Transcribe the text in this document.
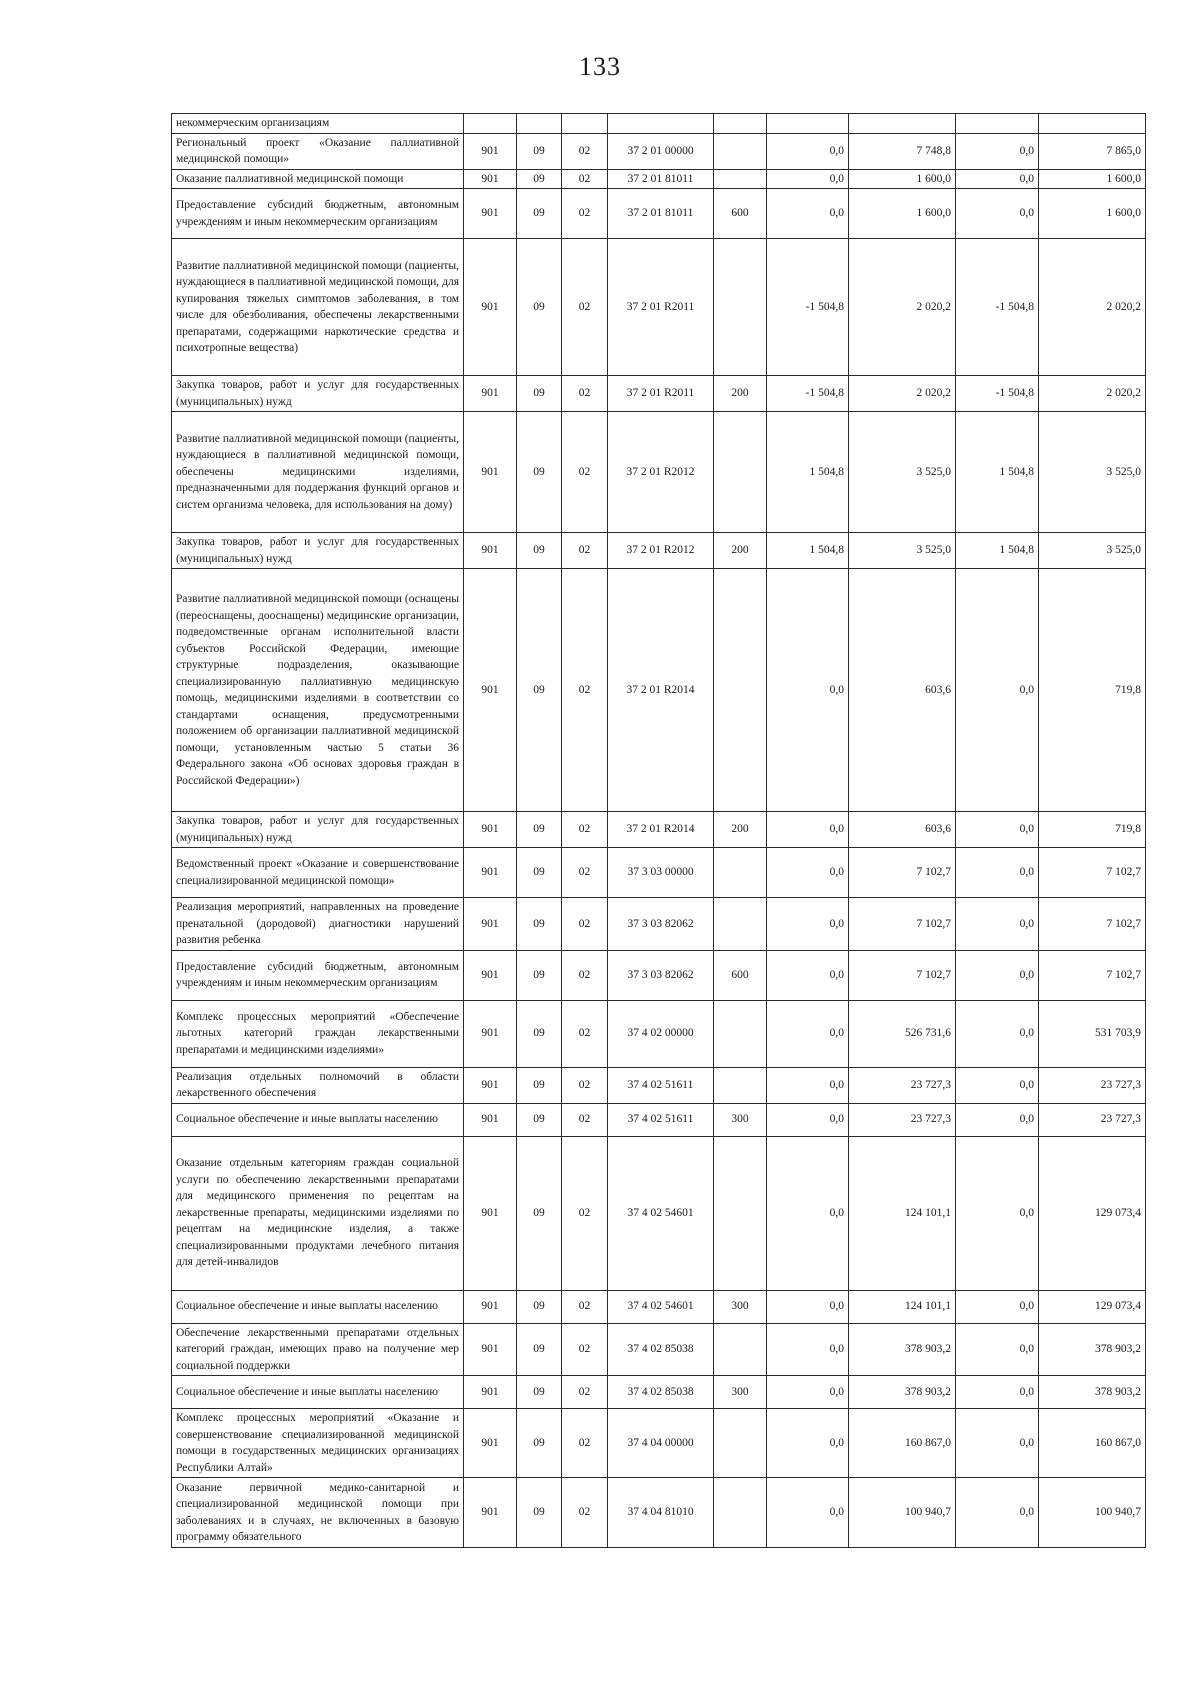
133
некоммерческим организациям									
Региональный проект «Оказание паллиативной медицинской помощи»	901	09	02	37 2 01 00000		0,0	7 748,8	0,0	7 865,0
Оказание паллиативной медицинской помощи	901	09	02	37 2 01 81011		0,0	1 600,0	0,0	1 600,0
Предоставление субсидий бюджетным, автономным учреждениям и иным некоммерческим организациям	901	09	02	37 2 01 81011	600	0,0	1 600,0	0,0	1 600,0
Развитие паллиативной медицинской помощи (пациенты, нуждающиеся в паллиативной медицинской помощи, для купирования тяжелых симптомов заболевания, в том числе для обезболивания, обеспечены лекарственными препаратами, содержащими наркотические средства и психотропные вещества)	901	09	02	37 2 01 R2011		-1 504,8	2 020,2	-1 504,8	2 020,2
Закупка товаров, работ и услуг для государственных (муниципальных) нужд	901	09	02	37 2 01 R2011	200	-1 504,8	2 020,2	-1 504,8	2 020,2
Развитие паллиативной медицинской помощи (пациенты, нуждающиеся в паллиативной медицинской помощи, обеспечены медицинскими изделиями, предназначенными для поддержания функций органов и систем организма человека, для использования на дому)	901	09	02	37 2 01 R2012		1 504,8	3 525,0	1 504,8	3 525,0
Закупка товаров, работ и услуг для государственных (муниципальных) нужд	901	09	02	37 2 01 R2012	200	1 504,8	3 525,0	1 504,8	3 525,0
Развитие паллиативной медицинской помощи (оснащены (переоснащены, дооснащены) медицинские организации, подведомственные органам исполнительной власти субъектов Российской Федерации, имеющие структурные подразделения, оказывающие специализированную паллиативную медицинскую помощь, медицинскими изделиями в соответствии со стандартами оснащения, предусмотренными положением об организации паллиативной медицинской помощи, установленным частью 5 статьи 36 Федерального закона «Об основах здоровья граждан в Российской Федерации»)	901	09	02	37 2 01 R2014		0,0	603,6	0,0	719,8
Закупка товаров, работ и услуг для государственных (муниципальных) нужд	901	09	02	37 2 01 R2014	200	0,0	603,6	0,0	719,8
Ведомственный проект «Оказание и совершенствование специализированной медицинской помощи»	901	09	02	37 3 03 00000		0,0	7 102,7	0,0	7 102,7
Реализация мероприятий, направленных на проведение пренатальной (дородовой) диагностики нарушений развития ребенка	901	09	02	37 3 03 82062		0,0	7 102,7	0,0	7 102,7
Предоставление субсидий бюджетным, автономным учреждениям и иным некоммерческим организациям	901	09	02	37 3 03 82062	600	0,0	7 102,7	0,0	7 102,7
Комплекс процессных мероприятий «Обеспечение льготных категорий граждан лекарственными препаратами и медицинскими изделиями»	901	09	02	37 4 02 00000		0,0	526 731,6	0,0	531 703,9
Реализация отдельных полномочий в области лекарственного обеспечения	901	09	02	37 4 02 51611		0,0	23 727,3	0,0	23 727,3
Социальное обеспечение и иные выплаты населению	901	09	02	37 4 02 51611	300	0,0	23 727,3	0,0	23 727,3
Оказание отдельным категориям граждан социальной услуги по обеспечению лекарственными препаратами для медицинского применения по рецептам на лекарственные препараты, медицинскими изделиями по рецептам на медицинские изделия, а также специализированными продуктами лечебного питания для детей-инвалидов	901	09	02	37 4 02 54601		0,0	124 101,1	0,0	129 073,4
Социальное обеспечение и иные выплаты населению	901	09	02	37 4 02 54601	300	0,0	124 101,1	0,0	129 073,4
Обеспечение лекарственными препаратами отдельных категорий граждан, имеющих право на получение мер социальной поддержки	901	09	02	37 4 02 85038		0,0	378 903,2	0,0	378 903,2
Социальное обеспечение и иные выплаты населению	901	09	02	37 4 02 85038	300	0,0	378 903,2	0,0	378 903,2
Комплекс процессных мероприятий «Оказание и совершенствование специализированной медицинской помощи в государственных медицинских организациях Республики Алтай»	901	09	02	37 4 04 00000		0,0	160 867,0	0,0	160 867,0
Оказание первичной медико-санитарной и специализированной медицинской помощи при заболеваниях и в случаях, не включенных в базовую программу обязательного	901	09	02	37 4 04 81010		0,0	100 940,7	0,0	100 940,7
